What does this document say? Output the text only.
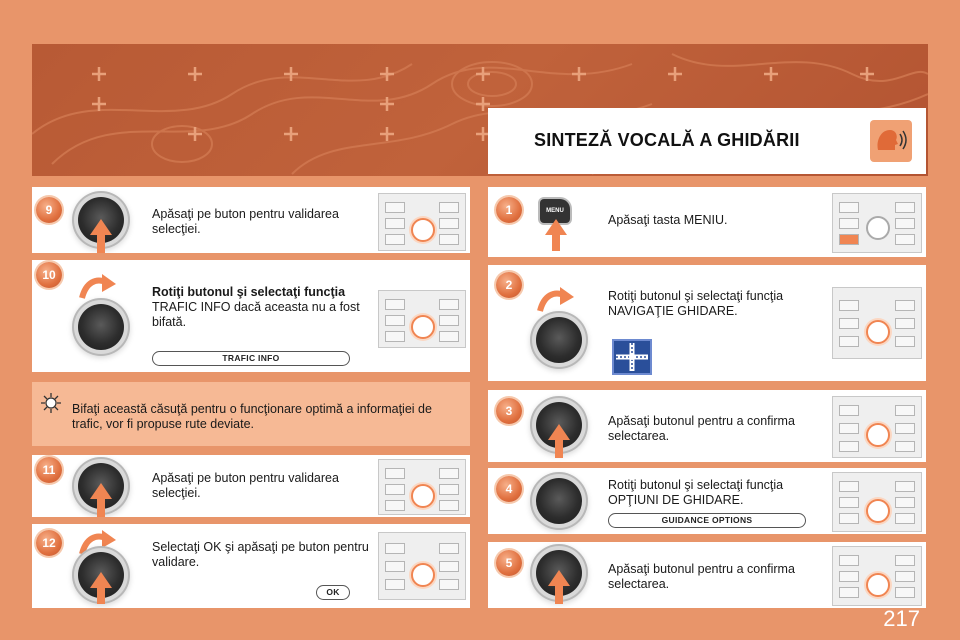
SINTEZĂ VOCALĂ A GHIDĂRII
Apăsaţi pe buton pentru validarea selecţiei.
9
Rotiţi butonul şi selectaţi funcţia
TRAFIC INFO dacă aceasta nu a fost bifată.
TRAFIC INFO
10
Bifaţi această căsuţă pentru o funcţionare optimă a informaţiei de trafic, vor fi propuse rute deviate.
Apăsaţi pe buton pentru validarea selecţiei.
11
Selectaţi OK şi apăsaţi pe buton pentru validare.
OK
12
MENU
Apăsaţi tasta MENIU.
1
Rotiţi butonul şi selectaţi funcţia NAVIGAŢIE GHIDARE.
2
Apăsaţi butonul pentru a confirma selectarea.
3
Rotiţi butonul şi selectaţi funcţia OPŢIUNI DE GHIDARE.
GUIDANCE OPTIONS
4
Apăsaţi butonul pentru a confirma selectarea.
5
217
